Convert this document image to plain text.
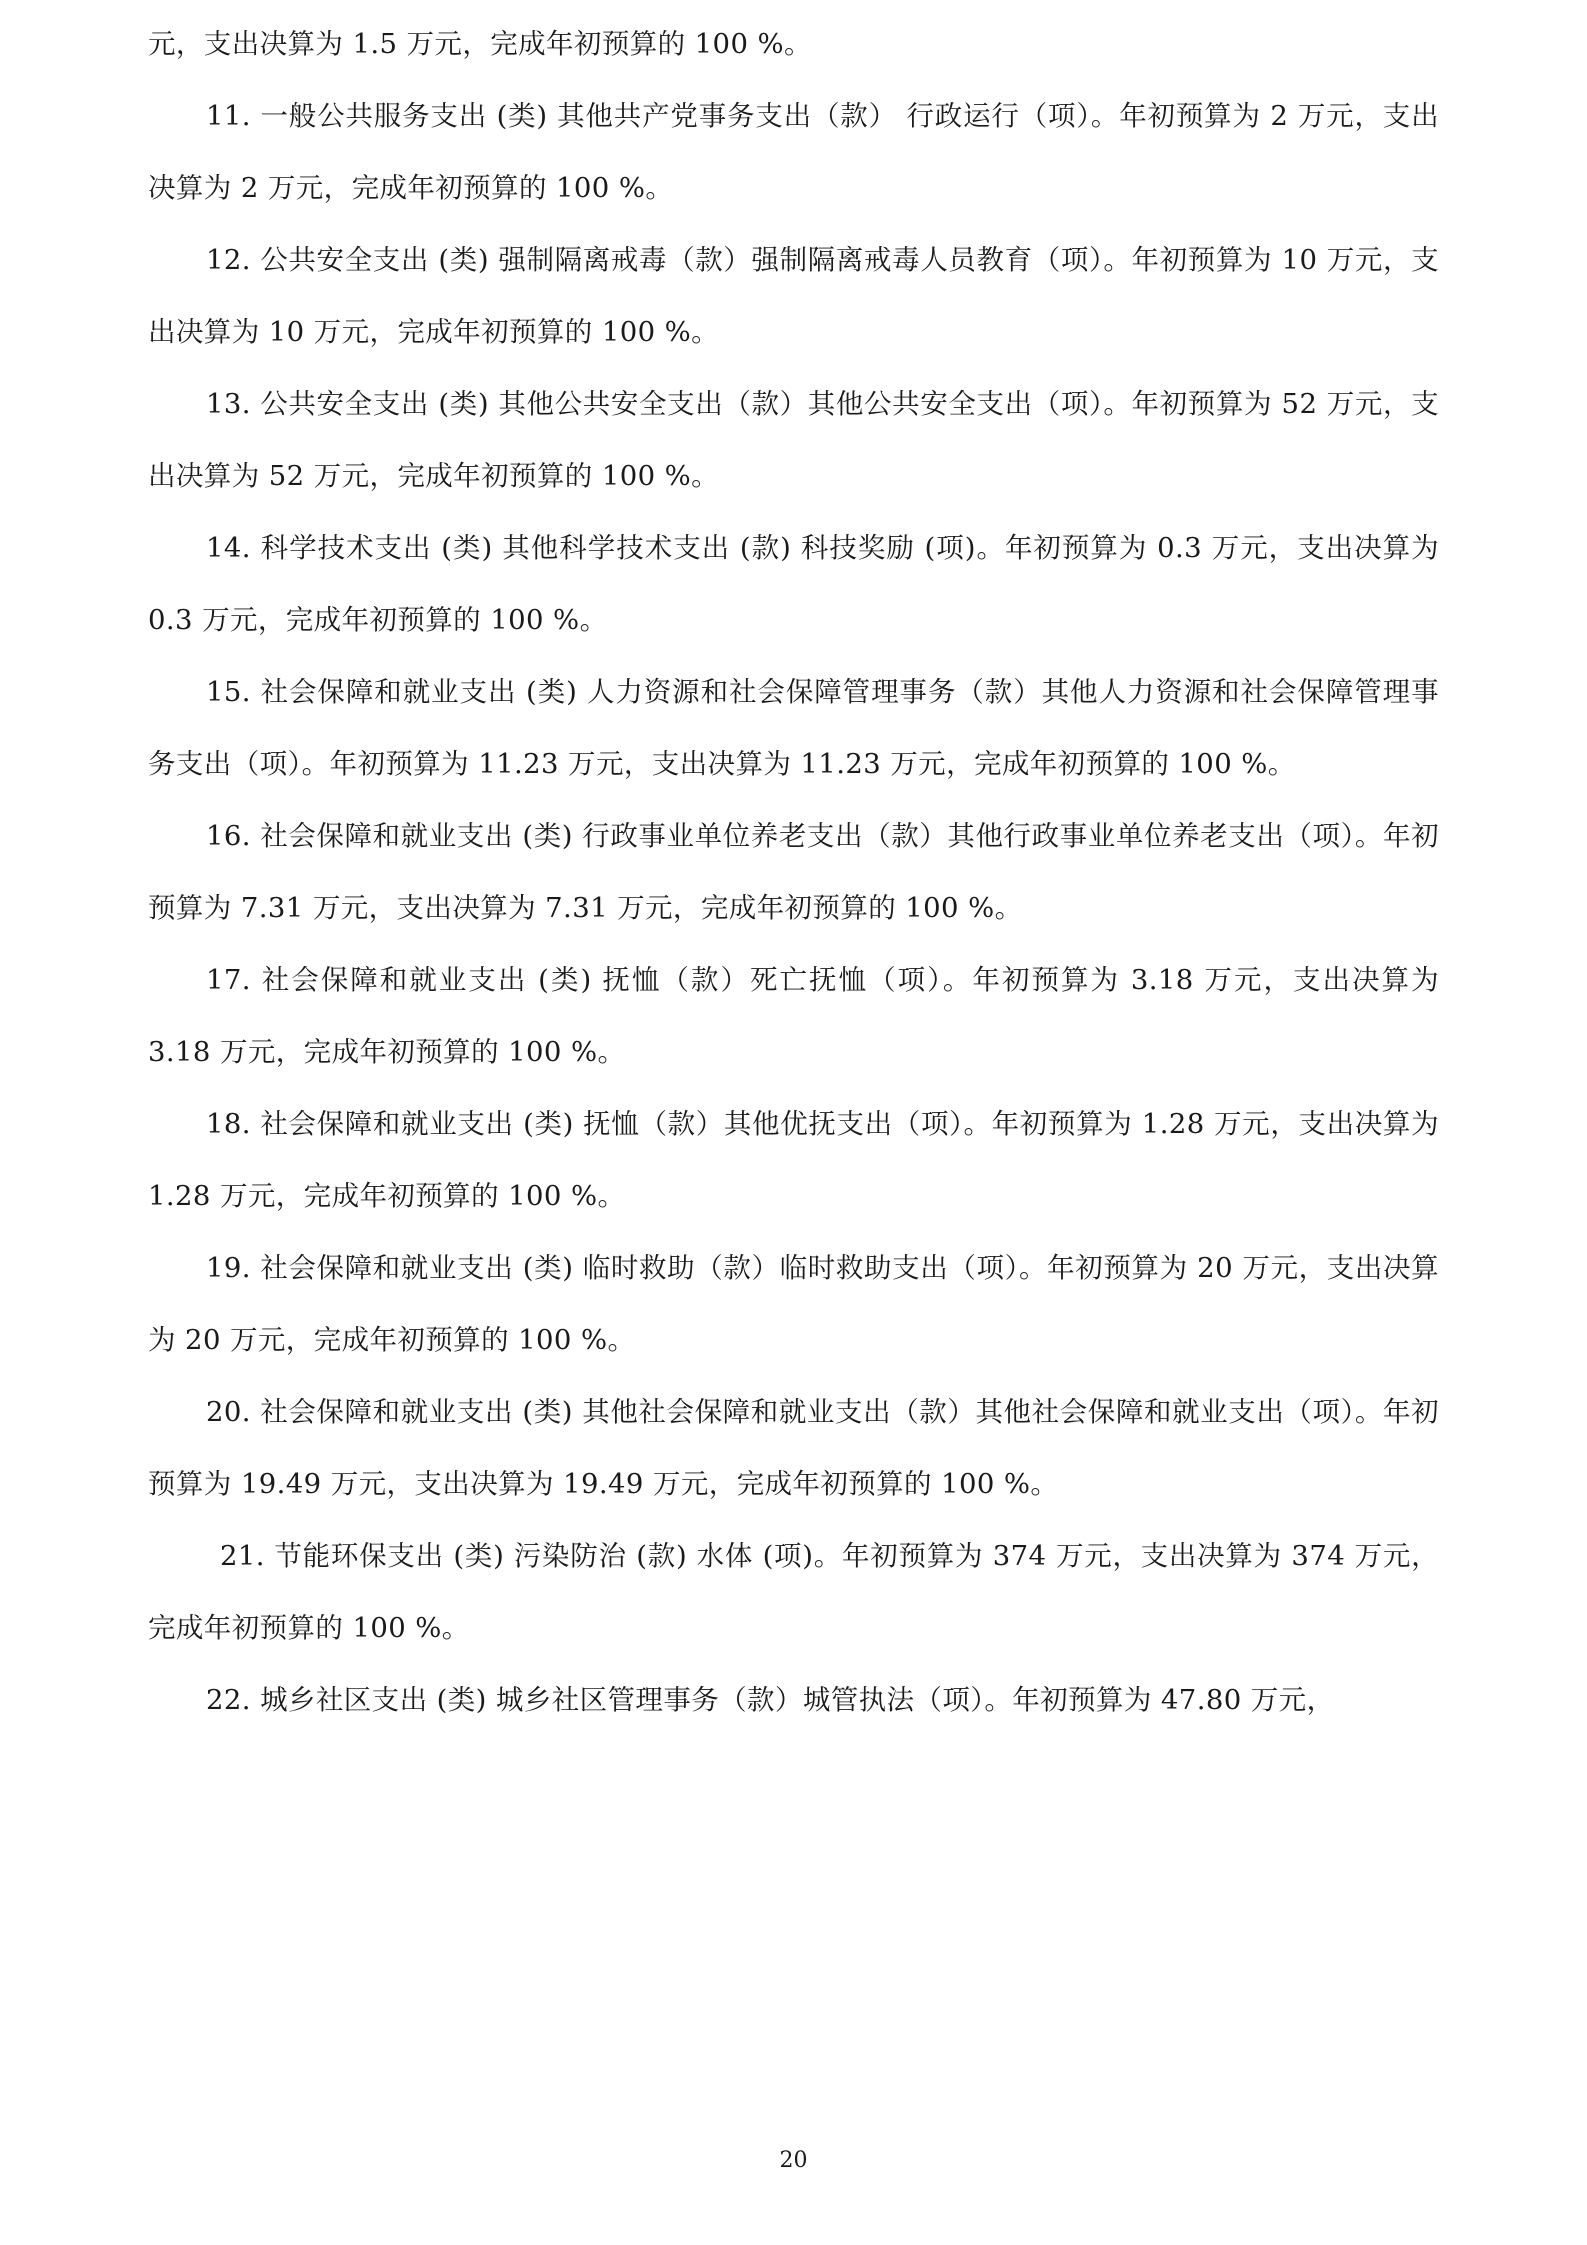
元，支出决算为 1.5 万元，完成年初预算的 100 %。

11. 一般公共服务支出 (类) 其他共产党事务支出（款） 行政运行（项）。年初预算为 2 万元，支出决算为 2 万元，完成年初预算的 100 %。

12. 公共安全支出 (类) 强制隔离戒毒（款）强制隔离戒毒人员教育（项）。年初预算为 10 万元，支出决算为 10 万元，完成年初预算的 100 %。

13. 公共安全支出 (类) 其他公共安全支出（款）其他公共安全支出（项）。年初预算为 52 万元，支出决算为 52 万元，完成年初预算的 100 %。

14. 科学技术支出 (类) 其他科学技术支出 (款) 科技奖励 (项)。年初预算为 0.3 万元，支出决算为 0.3 万元，完成年初预算的 100 %。

15. 社会保障和就业支出 (类) 人力资源和社会保障管理事务（款）其他人力资源和社会保障管理事务支出（项）。年初预算为 11.23 万元，支出决算为 11.23 万元，完成年初预算的 100 %。

16. 社会保障和就业支出 (类) 行政事业单位养老支出（款）其他行政事业单位养老支出（项）。年初预算为 7.31 万元，支出决算为 7.31 万元，完成年初预算的 100 %。

17. 社会保障和就业支出 (类) 抚恤（款）死亡抚恤（项）。年初预算为 3.18 万元，支出决算为 3.18 万元，完成年初预算的 100 %。

18. 社会保障和就业支出 (类) 抚恤（款）其他优抚支出（项）。年初预算为 1.28 万元，支出决算为 1.28 万元，完成年初预算的 100 %。

19. 社会保障和就业支出 (类) 临时救助（款）临时救助支出（项）。年初预算为 20 万元，支出决算为 20 万元，完成年初预算的 100 %。

20. 社会保障和就业支出 (类) 其他社会保障和就业支出（款）其他社会保障和就业支出（项）。年初预算为 19.49 万元，支出决算为 19.49 万元，完成年初预算的 100 %。

21. 节能环保支出 (类) 污染防治 (款) 水体 (项)。年初预算为 374 万元，支出决算为 374 万元，完成年初预算的 100 %。

22. 城乡社区支出 (类) 城乡社区管理事务（款）城管执法（项）。年初预算为 47.80 万元，

20
